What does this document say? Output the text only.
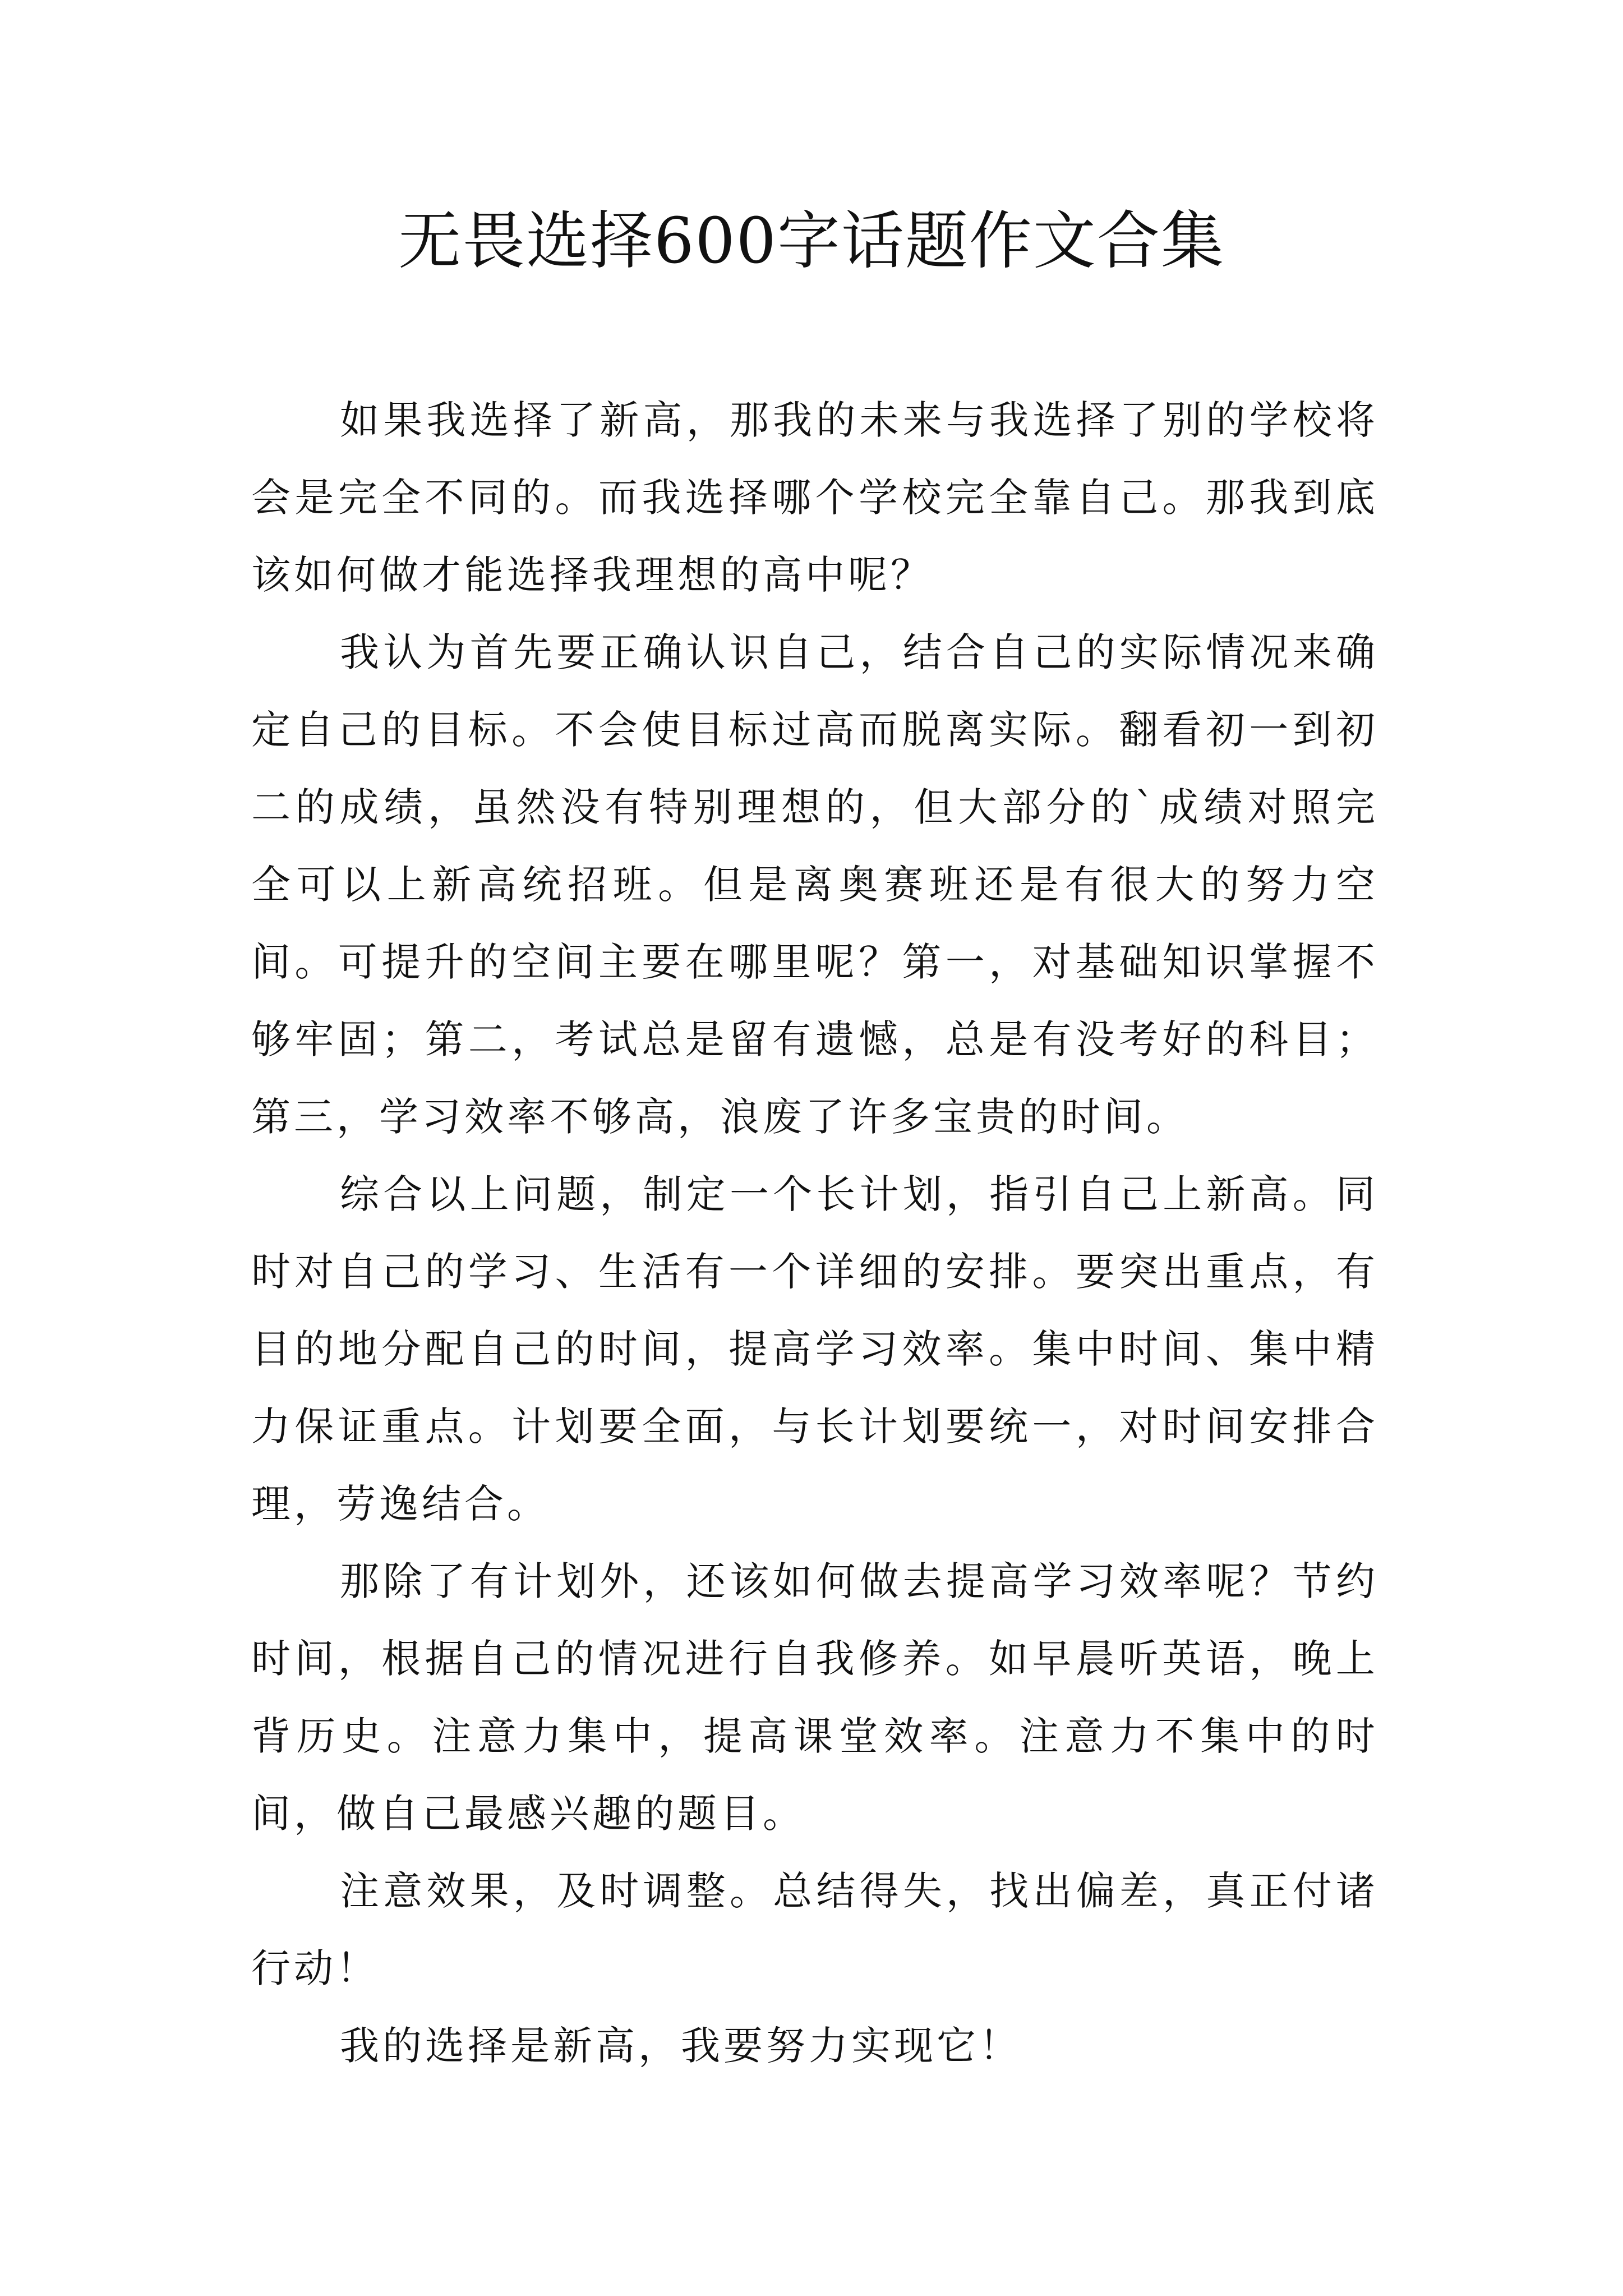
无畏选择600字话题作文合集

如果我选择了新高，那我的未来与我选择了别的学校将会是完全不同的。而我选择哪个学校完全靠自己。那我到底该如何做才能选择我理想的高中呢？

我认为首先要正确认识自己，结合自己的实际情况来确定自己的目标。不会使目标过高而脱离实际。翻看初一到初二的成绩，虽然没有特别理想的，但大部分的`成绩对照完全可以上新高统招班。但是离奥赛班还是有很大的努力空间。可提升的空间主要在哪里呢？第一，对基础知识掌握不够牢固；第二，考试总是留有遗憾，总是有没考好的科目；第三，学习效率不够高，浪废了许多宝贵的时间。

综合以上问题，制定一个长计划，指引自己上新高。同时对自己的学习、生活有一个详细的安排。要突出重点，有目的地分配自己的时间，提高学习效率。集中时间、集中精力保证重点。计划要全面，与长计划要统一，对时间安排合理，劳逸结合。

那除了有计划外，还该如何做去提高学习效率呢？节约时间，根据自己的情况进行自我修养。如早晨听英语，晚上背历史。注意力集中，提高课堂效率。注意力不集中的时间，做自己最感兴趣的题目。

注意效果，及时调整。总结得失，找出偏差，真正付诸行动！

我的选择是新高，我要努力实现它！
